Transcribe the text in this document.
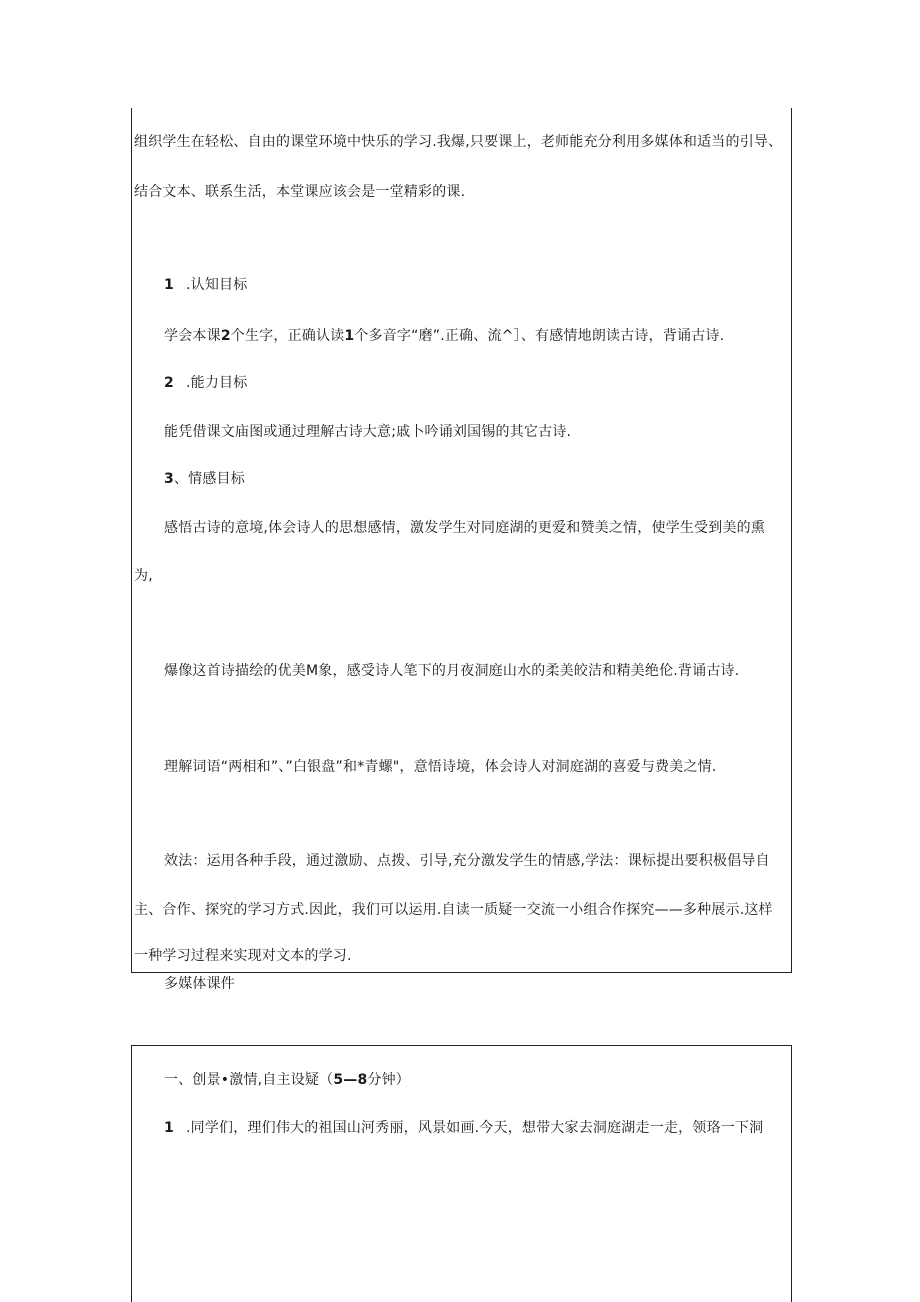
组织学生在轻松、自由的课堂环境中快乐的学习.我爆,只要课上，老师能充分利用多媒体和适当的引导、
结合文本、联系生活，本堂课应该会是一堂精彩的课.
1 .认知目标
学会本课2个生字，正确认读1个多音字“磨”.正确、流^］、有感情地朗读古诗，背诵古诗.
2 .能力目标
能凭借课文庙图或通过理解古诗大意;戚卜吟诵刘国锡的其它古诗.
3、情感目标
感悟古诗的意境,体会诗人的思想感情，激发学生对同庭湖的更爱和赞美之情，使学生受到美的熏
为,
爆像这首诗描绘的优美M象，感受诗人笔下的月夜洞庭山水的柔美皎洁和精美绝伦.背诵古诗.
理解词语“两相和”、”白银盘”和*青螺"，意悟诗境，体会诗人对洞庭湖的喜爱与费美之情.
效法：运用各种手段，通过激励、点拨、引导,充分激发学生的情感,学法：课标提出要积极倡导自
主、合作、探究的学习方式.因此，我们可以运用.自读一质疑一交流一小组合作探究——多种展示.这样
一种学习过程来实现对文本的学习.
多媒体课件
一、创景•激情,自主设疑（5—8分钟）
1 .同学们，理们伟大的祖国山河秀丽，风景如画.今天，想带大家去洞庭湖走一走，领珞一下洞
